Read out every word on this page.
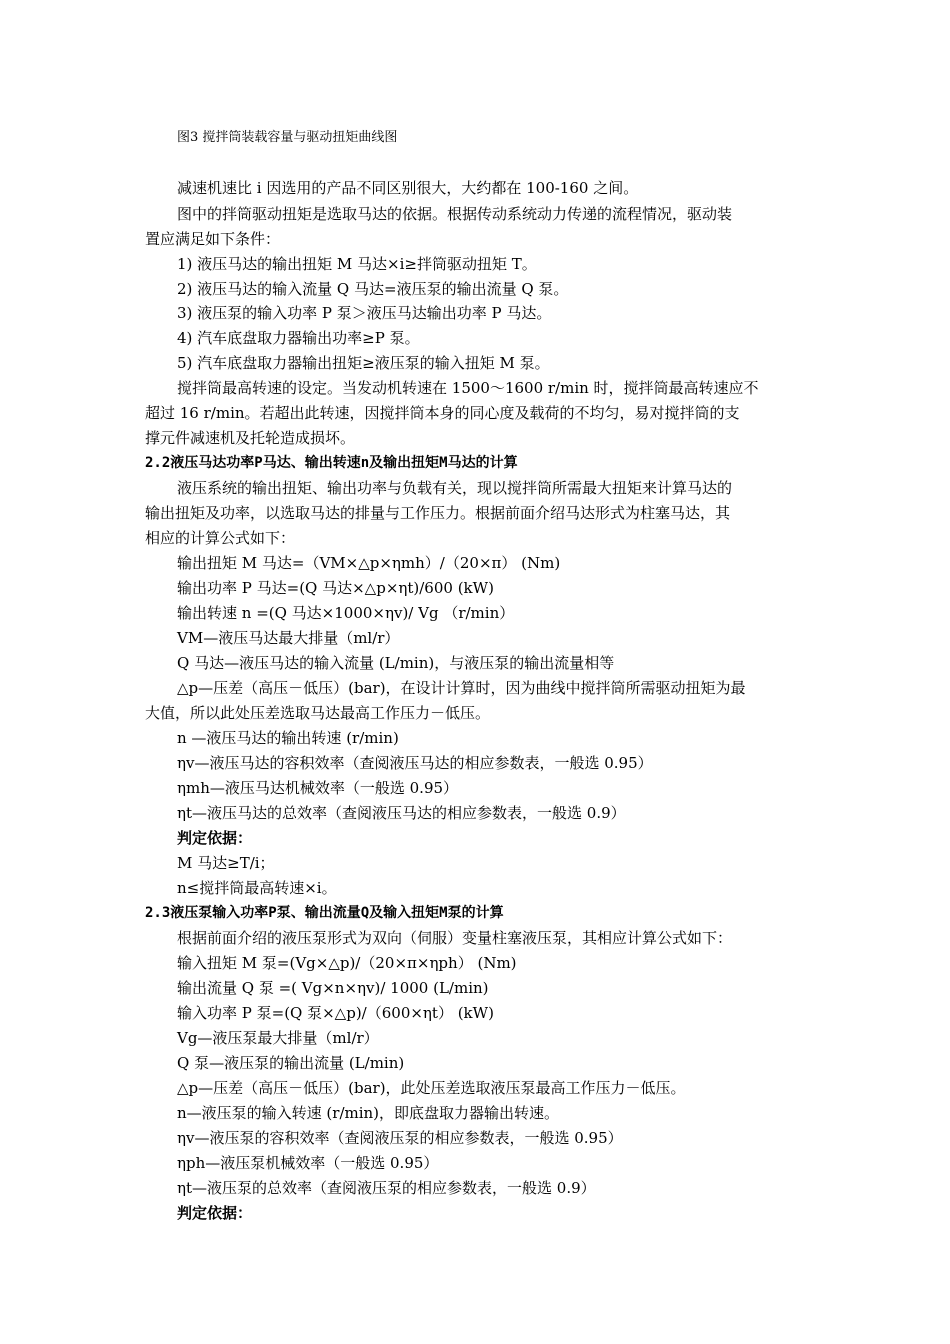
图3 搅拌筒装载容量与驱动扭矩曲线图
减速机速比 i 因选用的产品不同区别很大，大约都在 100-160 之间。
图中的拌筒驱动扭矩是选取马达的依据。根据传动系统动力传递的流程情况，驱动装
置应满足如下条件：
1) 液压马达的输出扭矩 M 马达×i≥拌筒驱动扭矩 T。
2) 液压马达的输入流量 Q 马达=液压泵的输出流量 Q 泵。
3) 液压泵的输入功率 P 泵＞液压马达输出功率 P 马达。
4) 汽车底盘取力器输出功率≥P 泵。
5) 汽车底盘取力器输出扭矩≥液压泵的输入扭矩 M 泵。
搅拌筒最高转速的设定。当发动机转速在 1500～1600 r/min 时，搅拌筒最高转速应不
超过 16 r/min。若超出此转速，因搅拌筒本身的同心度及载荷的不均匀，易对搅拌筒的支
撑元件减速机及托轮造成损坏。
2.2液压马达功率P马达、输出转速n及输出扭矩M马达的计算
液压系统的输出扭矩、输出功率与负载有关，现以搅拌筒所需最大扭矩来计算马达的
输出扭矩及功率，以选取马达的排量与工作压力。根据前面介绍马达形式为柱塞马达，其
相应的计算公式如下：
输出扭矩 M 马达=（VM×△p×ηmh）/（20×π） (Nm)
输出功率 P 马达=(Q 马达×△p×ηt)/600 (kW)
输出转速 n =(Q 马达×1000×ηv)/ Vg （r/min）
VM—液压马达最大排量（ml/r）
Q 马达—液压马达的输入流量 (L/min)，与液压泵的输出流量相等
△p—压差（高压－低压）(bar)，在设计计算时，因为曲线中搅拌筒所需驱动扭矩为最
大值，所以此处压差选取马达最高工作压力－低压。
n —液压马达的输出转速 (r/min)
ηv—液压马达的容积效率（查阅液压马达的相应参数表，一般选 0.95）
ηmh—液压马达机械效率（一般选 0.95）
ηt—液压马达的总效率（查阅液压马达的相应参数表，一般选 0.9）
判定依据：
M 马达≥T/i；
n≤搅拌筒最高转速×i。
2.3液压泵输入功率P泵、输出流量Q及输入扭矩M泵的计算
根据前面介绍的液压泵形式为双向（伺服）变量柱塞液压泵，其相应计算公式如下：
输入扭矩 M 泵=(Vg×△p)/（20×π×ηph） (Nm)
输出流量 Q 泵 =( Vg×n×ηv)/ 1000 (L/min)
输入功率 P 泵=(Q 泵×△p)/（600×ηt） (kW)
Vg—液压泵最大排量（ml/r）
Q 泵—液压泵的输出流量 (L/min)
△p—压差（高压－低压）(bar)，此处压差选取液压泵最高工作压力－低压。
n—液压泵的输入转速 (r/min)，即底盘取力器输出转速。
ηv—液压泵的容积效率（查阅液压泵的相应参数表，一般选 0.95）
ηph—液压泵机械效率（一般选 0.95）
ηt—液压泵的总效率（查阅液压泵的相应参数表，一般选 0.9）
判定依据：
